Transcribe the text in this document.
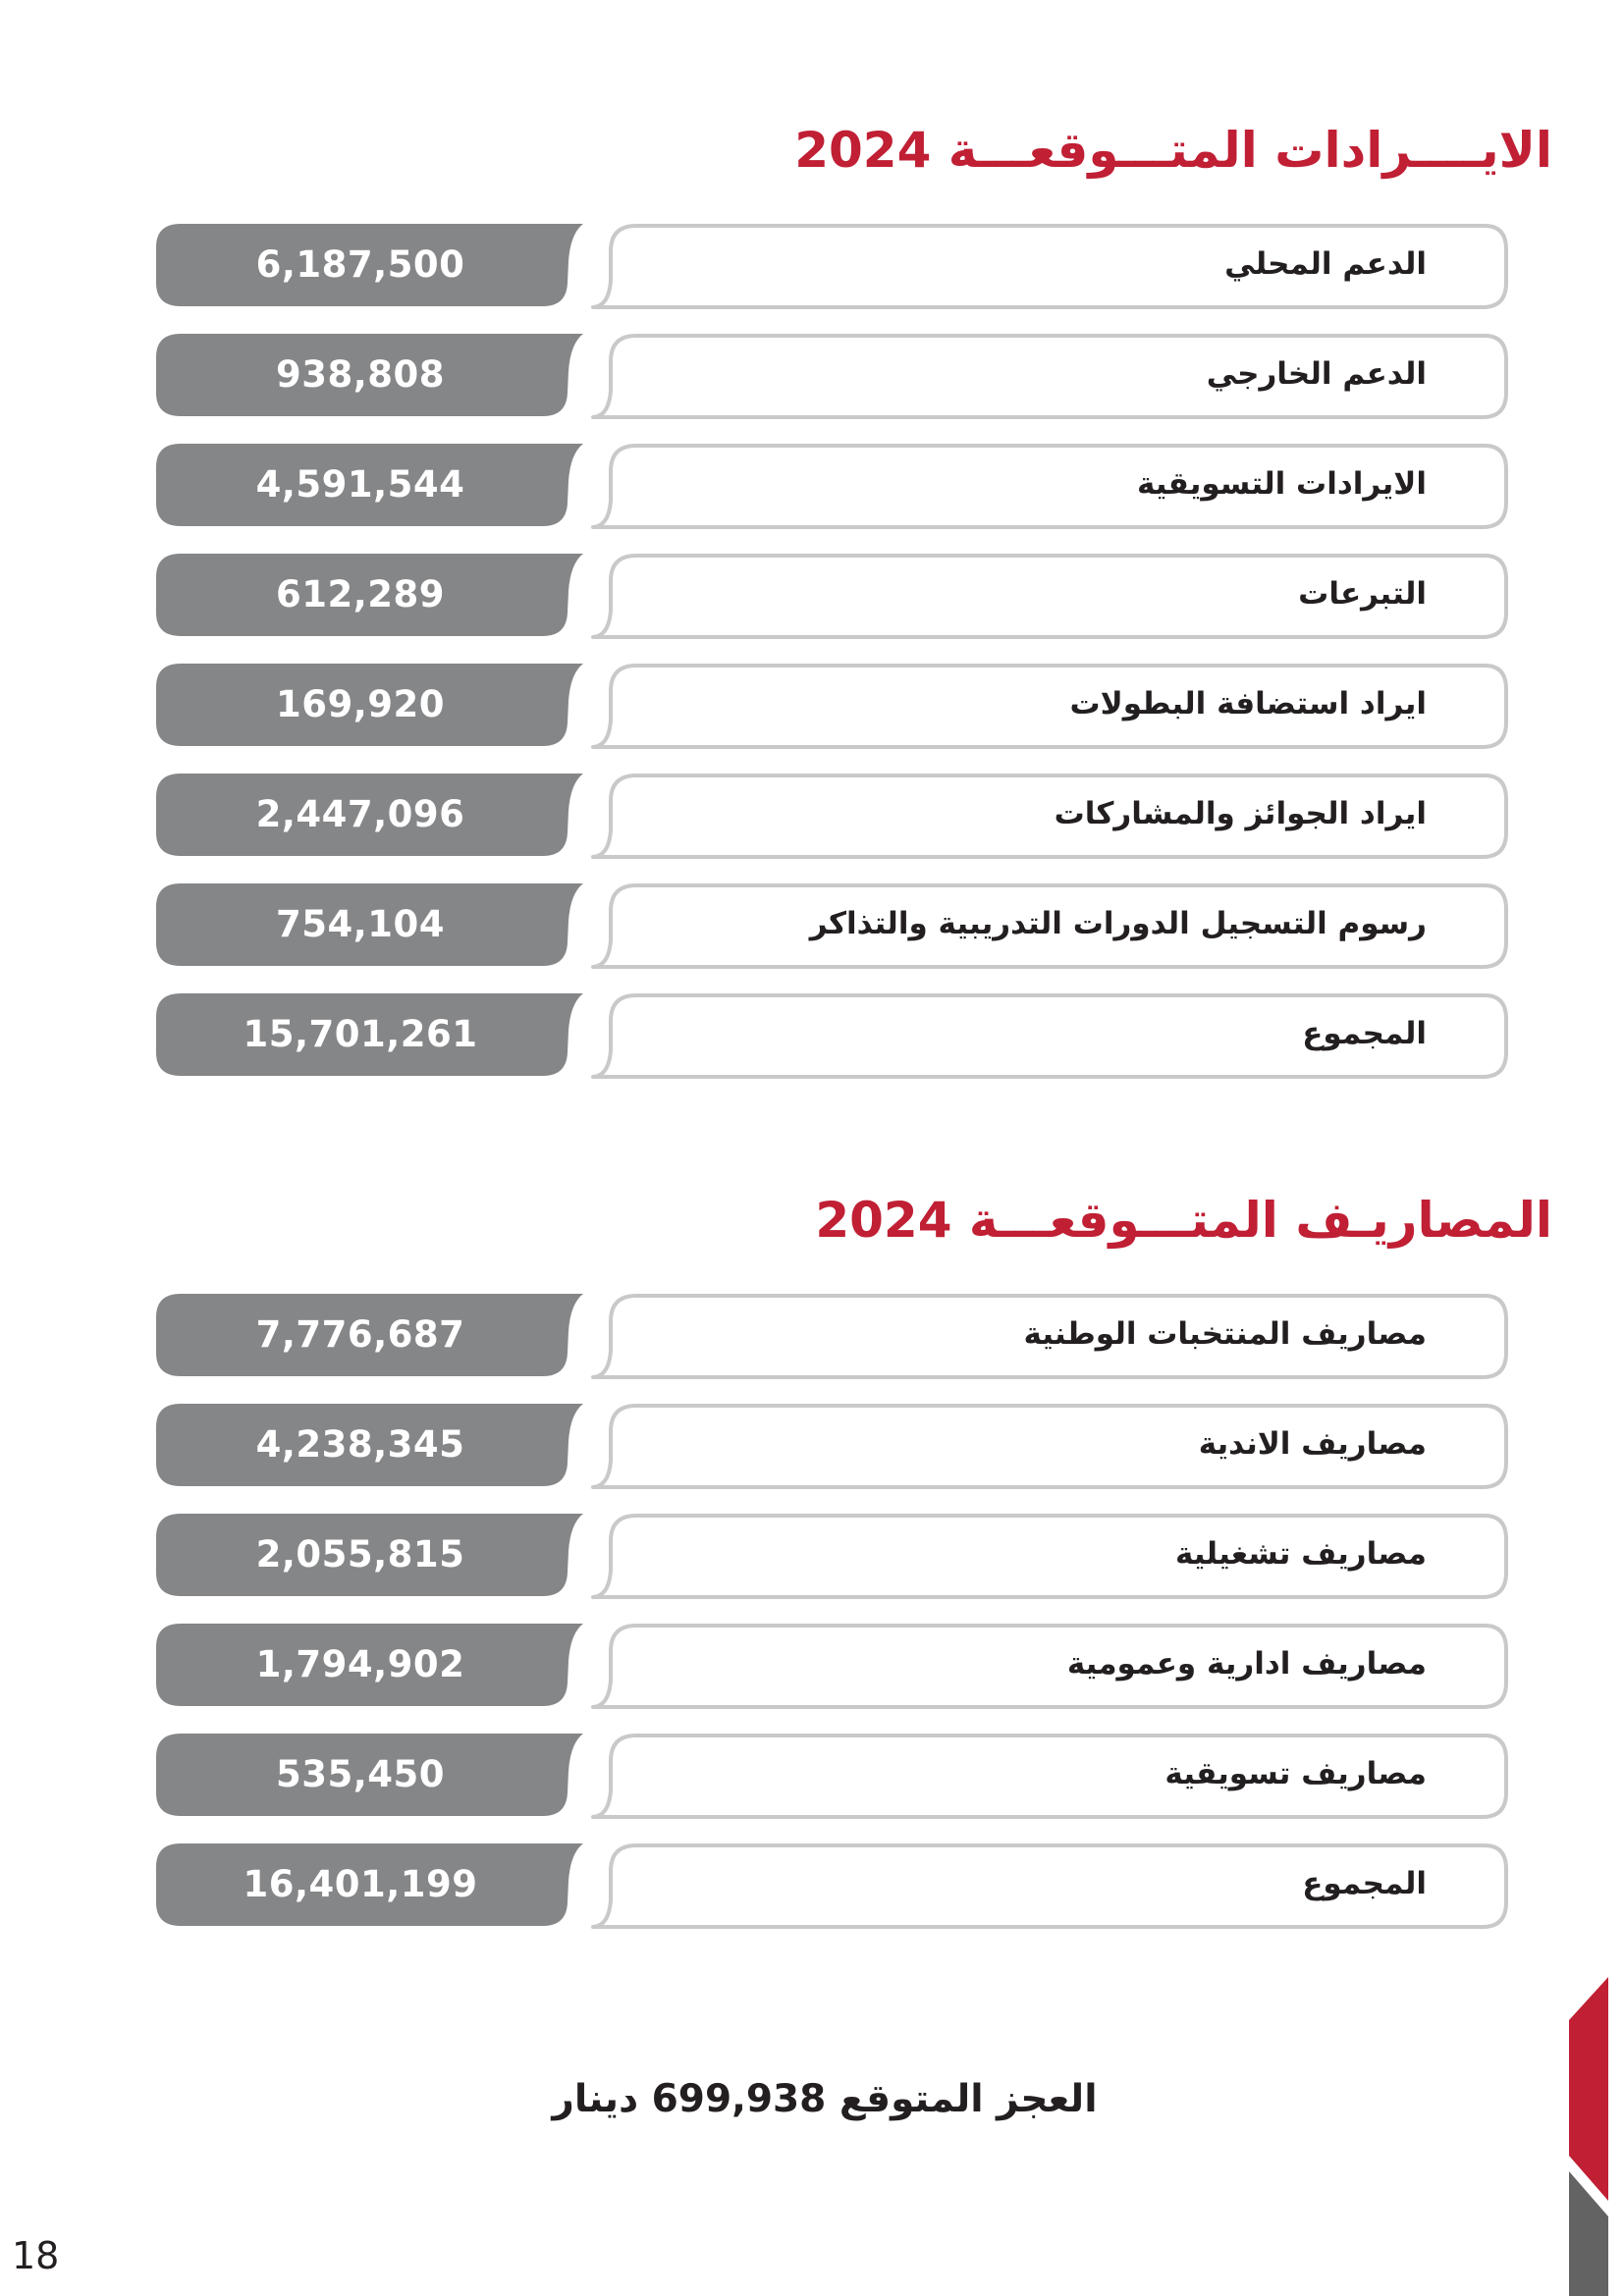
الايــــرادات المتـــوقعـــة 2024
6,187,500	الدعم المحلي
938,808	الدعم الخارجي
4,591,544	الايرادات التسويقية
612,289	التبرعات
169,920	ايراد استضافة البطولات
2,447,096	ايراد الجوائز والمشاركات
754,104	رسوم التسجيل الدورات التدريبية والتذاكر
15,701,261	المجموع
المصاريـف المتـــوقعـــة 2024
7,776,687	مصاريف المنتخبات الوطنية
4,238,345	مصاريف الاندية
2,055,815	مصاريف تشغيلية
1,794,902	مصاريف ادارية وعمومية
535,450	مصاريف تسويقية
16,401,199	المجموع
العجز المتوقع 699,938 دينار
18
